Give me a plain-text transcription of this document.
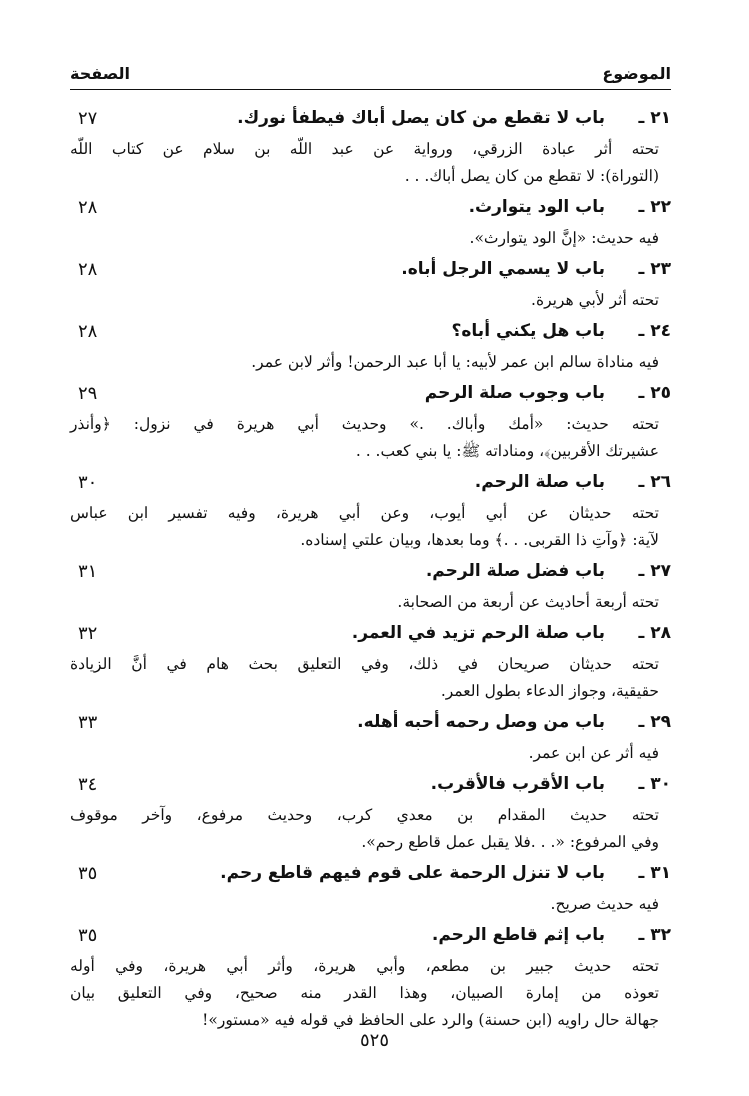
الموضوع
الصفحة
٢١ ـ
باب لا تقطع من كان يصل أباك فيطفأ نورك.
٢٧
تحته أثر عبادة الزرقي، ورواية عن عبد اللّه بن سلام عن كتاب اللّه
(التوراة): لا تقطع من كان يصل أباك. . .
٢٢ ـ
باب الود يتوارث.
٢٨
فيه حديث: «إنَّ الود يتوارث».
٢٣ ـ
باب لا يسمي الرجل أباه.
٢٨
تحته أثر لأبي هريرة.
٢٤ ـ
باب هل يكني أباه؟
٢٨
فيه مناداة سالم ابن عمر لأبيه: يا أبا عبد الرحمن! وأثر لابن عمر.
٢٥ ـ
باب وجوب صلة الرحم
٢٩
تحته حديث: «أمك وأباك. .» وحديث أبي هريرة في نزول: ﴿وأنذر
عشيرتك الأقربين﴾، ومناداته ﷺ: يا بني كعب. . .
٢٦ ـ
باب صلة الرحم.
٣٠
تحته حديثان عن أبي أيوب، وعن أبي هريرة، وفيه تفسير ابن عباس
لآية: ﴿وآتِ ذا القربى. . .﴾ وما بعدها، وبيان علتي إسناده.
٢٧ ـ
باب فضل صلة الرحم.
٣١
تحته أربعة أحاديث عن أربعة من الصحابة.
٢٨ ـ
باب صلة الرحم تزيد في العمر.
٣٢
تحته حديثان صريحان في ذلك، وفي التعليق بحث هام في أنَّ الزيادة
حقيقية، وجواز الدعاء بطول العمر.
٢٩ ـ
باب من وصل رحمه أحبه أهله.
٣٣
فيه أثر عن ابن عمر.
٣٠ ـ
باب الأقرب فالأقرب.
٣٤
تحته حديث المقدام بن معدي كرب، وحديث مرفوع، وآخر موقوف
وفي المرفوع: «. . .فلا يقبل عمل قاطع رحم».
٣١ ـ
باب لا تنزل الرحمة على قوم فيهم قاطع رحم.
٣٥
فيه حديث صريح.
٣٢ ـ
باب إثم قاطع الرحم.
٣٥
تحته حديث جبير بن مطعم، وأبي هريرة، وأثر أبي هريرة، وفي أوله
تعوذه من إمارة الصبيان، وهذا القدر منه صحيح، وفي التعليق بيان
جهالة حال راويه (ابن حسنة) والرد على الحافظ في قوله فيه «مستور»!
٥٢٥
